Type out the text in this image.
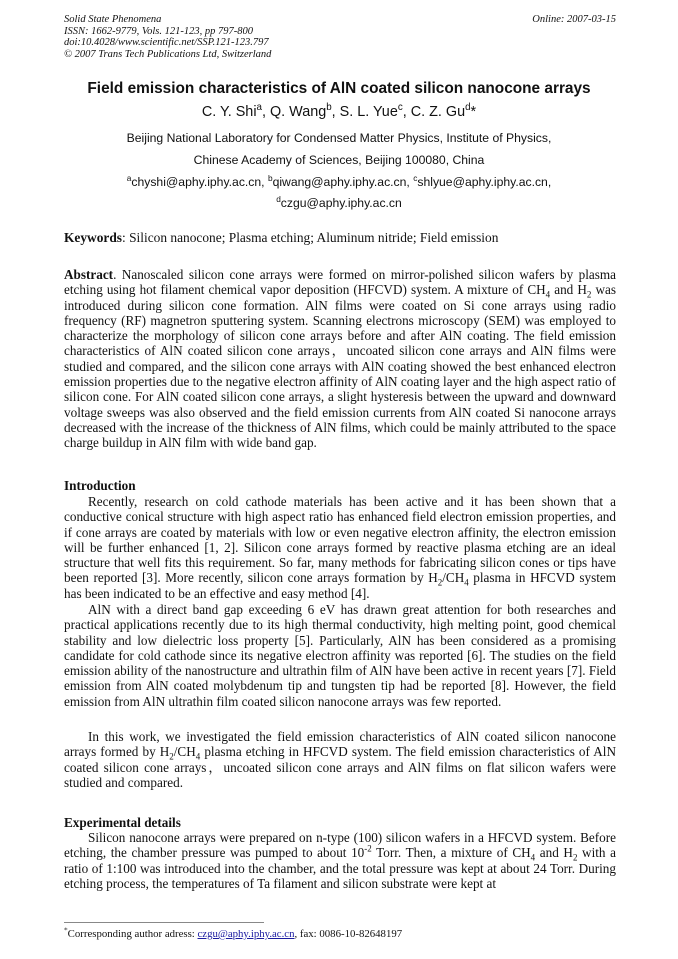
Solid State Phenomena
ISSN: 1662-9779, Vols. 121-123, pp 797-800
doi:10.4028/www.scientific.net/SSP.121-123.797
© 2007 Trans Tech Publications Ltd, Switzerland
Online: 2007-03-15
Field emission characteristics of AlN coated silicon nanocone arrays
C. Y. Shi$^a$, Q. Wang$^b$, S. L. Yue$^c$, C. Z. Gu$^d$*
Beijing National Laboratory for Condensed Matter Physics, Institute of Physics,
Chinese Academy of Sciences, Beijing 100080, China
$^a$chyshi@aphy.iphy.ac.cn, $^b$qiwang@aphy.iphy.ac.cn, $^c$shlyue@aphy.iphy.ac.cn,
$^d$czgu@aphy.iphy.ac.cn
Keywords: Silicon nanocone; Plasma etching; Aluminum nitride; Field emission
Abstract. Nanoscaled silicon cone arrays were formed on mirror-polished silicon wafers by plasma etching using hot filament chemical vapor deposition (HFCVD) system. A mixture of $CH_4$ and $H_2$ was introduced during silicon cone formation. AlN films were coated on Si cone arrays using radio frequency (RF) magnetron sputtering system. Scanning electrons microscopy (SEM) was employed to characterize the morphology of silicon cone arrays before and after AlN coating. The field emission characteristics of AlN coated silicon cone arrays，uncoated silicon cone arrays and AlN films were studied and compared, and the silicon cone arrays with AlN coating showed the best enhanced electron emission properties due to the negative electron affinity of AlN coating layer and the high aspect ratio of silicon cone. For AlN coated silicon cone arrays, a slight hysteresis between the upward and downward voltage sweeps was also observed and the field emission currents from AlN coated Si nanocone arrays decreased with the increase of the thickness of AlN films, which could be mainly attributed to the space charge buildup in AlN film with wide band gap.
Introduction
Recently, research on cold cathode materials has been active and it has been shown that a conductive conical structure with high aspect ratio has enhanced field electron emission properties, and if cone arrays are coated by materials with low or even negative electron affinity, the electron emission will be further enhanced [1, 2]. Silicon cone arrays formed by reactive plasma etching are an ideal structure that well fits this requirement. So far, many methods for fabricating silicon cones or tips have been reported [3]. More recently, silicon cone arrays formation by $H_2/CH_4$ plasma in HFCVD system has been indicated to be an effective and easy method [4].
AlN with a direct band gap exceeding 6 eV has drawn great attention for both researches and practical applications recently due to its high thermal conductivity, high melting point, good chemical stability and low dielectric loss property [5]. Particularly, AlN has been considered as a promising candidate for cold cathode since its negative electron affinity was reported [6]. The studies on the field emission ability of the nanostructure and ultrathin film of AlN have been active in recent years [7]. Field emission from AlN coated molybdenum tip and tungsten tip had be reported [8]. However, the field emission from AlN ultrathin film coated silicon nanocone arrays was few reported.
In this work, we investigated the field emission characteristics of AlN coated silicon nanocone arrays formed by $H_2/CH_4$ plasma etching in HFCVD system. The field emission characteristics of AlN coated silicon cone arrays，uncoated silicon cone arrays and AlN films on flat silicon wafers were studied and compared.
Experimental details
Silicon nanocone arrays were prepared on n-type (100) silicon wafers in a HFCVD system. Before etching, the chamber pressure was pumped to about $10^{-2}$ Torr. Then, a mixture of $CH_4$ and $H_2$ with a ratio of 1:100 was introduced into the chamber, and the total pressure was kept at about 24 Torr. During etching process, the temperatures of Ta filament and silicon substrate were kept at
*Corresponding author adress: czgu@aphy.iphy.ac.cn, fax: 0086-10-82648197
